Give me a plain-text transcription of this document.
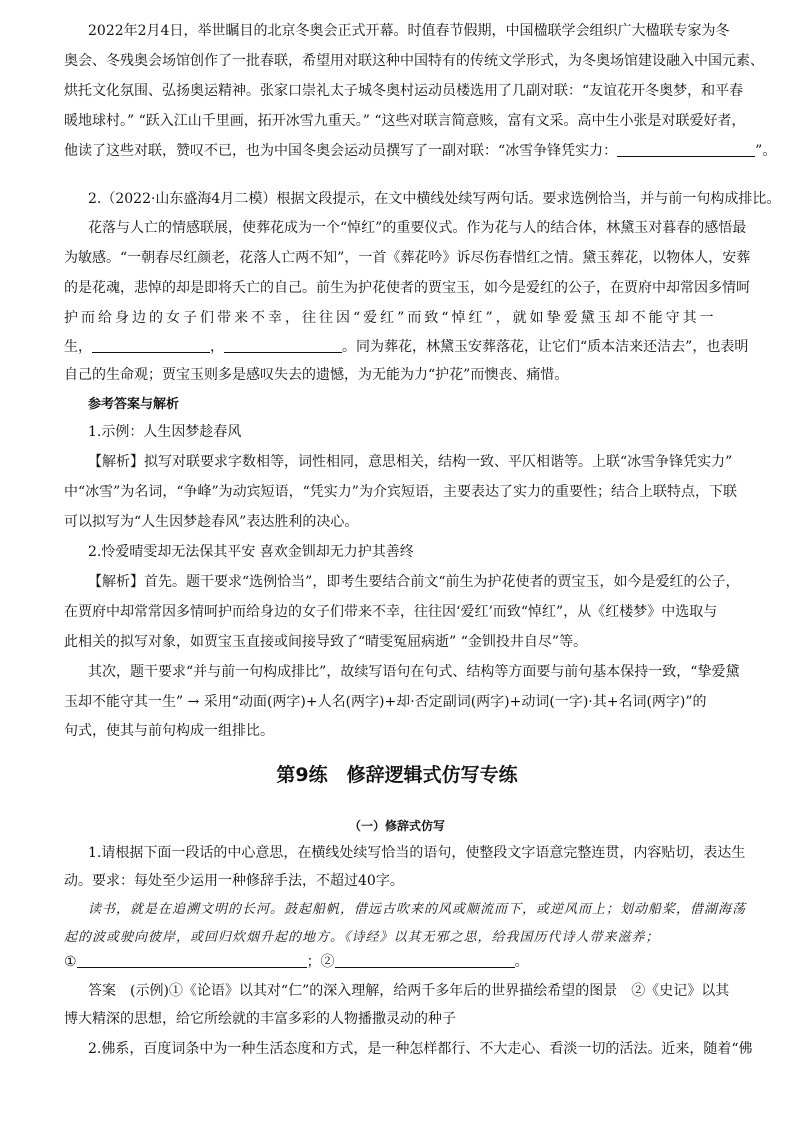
2022年2月4日，举世瞩目的北京冬奥会正式开幕。时值春节假期，中国楹联学会组织广大楹联专家为冬
奥会、冬残奥会场馆创作了一批春联，希望用对联这种中国特有的传统文学形式，为冬奥场馆建设融入中国元素、
烘托文化氛围、弘扬奥运精神。张家口崇礼太子城冬奥村运动员楼选用了几副对联：“友谊花开冬奥梦，和平春
暖地球村。” “跃入江山千里画，拓开冰雪九重天。” “这些对联言简意赅，富有文采。高中生小张是对联爱好者，
他读了这些对联，赞叹不已，也为中国冬奥会运动员撰写了一副对联：“冰雪争锋凭实力：	”。
2.（2022·山东盛海4月二模）根据文段提示，在文中横线处续写两句话。要求选例恰当，并与前一句构成排比。
花落与人亡的情感联展，使葬花成为一个“悼红”的重要仪式。作为花与人的结合体，林黛玉对暮春的感悟最
为敏感。“一朝春尽红颜老，花落人亡两不知”，一首《葬花吟》诉尽伤春惜红之情。黛玉葬花，以物体人，安葬
的是花魂，悲悼的却是即将夭亡的自己。前生为护花使者的贾宝玉，如今是爱红的公子，在贾府中却常因多情呵
护而给身边的女子们带来不幸，往往因“爱红”而致“悼红”，就如挚爱黛玉却不能守其一
生，	，	。同为葬花，林黛玉安葬落花，让它们“质本洁来还洁去”，也表明
自己的生命观；贾宝玉则多是感叹失去的遗憾，为无能为力“护花”而懊丧、痛惜。
参考答案与解析
1.示例：人生因梦趁春风
【解析】拟写对联要求字数相等，词性相同，意思相关，结构一致、平仄相谐等。上联“冰雪争锋凭实力”
中“冰雪”为名词，“争峰”为动宾短语，“凭实力”为介宾短语，主要表达了实力的重要性；结合上联特点，下联
可以拟写为“人生因梦趁春风”表达胜利的决心。
2.怜爱晴雯却无法保其平安 喜欢金钏却无力护其善终
【解析】首先。题干要求“选例恰当”，即考生要结合前文“前生为护花使者的贾宝玉，如今是爱红的公子，
在贾府中却常常因多情呵护而给身边的女子们带来不幸，往往因‘爱红’而致“悼红”，从《红楼梦》中选取与
此相关的拟写对象，如贾宝玉直接或间接导致了“晴雯冤屈病逝” “金钏投井自尽”等。
其次，题干要求“并与前一句构成排比”，故续写语句在句式、结构等方面要与前句基本保持一致，“挚爱黛
玉却不能守其一生” → 采用“动面(两字)+人名(两字)+却·否定副词(两字)+动词(一字)·其+名词(两字)”的
句式，使其与前句构成一组排比。
第9练　修辞逻辑式仿写专练
（一）修辞式仿写
1.请根据下面一段话的中心意思，在横线处续写恰当的语句，使整段文字语意完整连贯，内容贴切，表达生
动。要求：每处至少运用一种修辞手法，不超过40字。
读书，就是在追溯文明的长河。鼓起船帆，借远古吹来的风或顺流而下，或逆风而上；划动船桨，借湖海荡
起的波或驶向彼岸，或回归炊烟升起的地方。《诗经》以其无邪之思，给我国历代诗人带来滋养；
①	；②	。
答案　(示例)①《论语》以其对“仁”的深入理解，给两千多年后的世界描绘希望的图景　②《史记》以其
博大精深的思想，给它所绘就的丰富多彩的人物播撒灵动的种子
2.佛系，百度词条中为一种生活态度和方式，是一种怎样都行、不大走心、看淡一切的活法。近来，随着“佛
